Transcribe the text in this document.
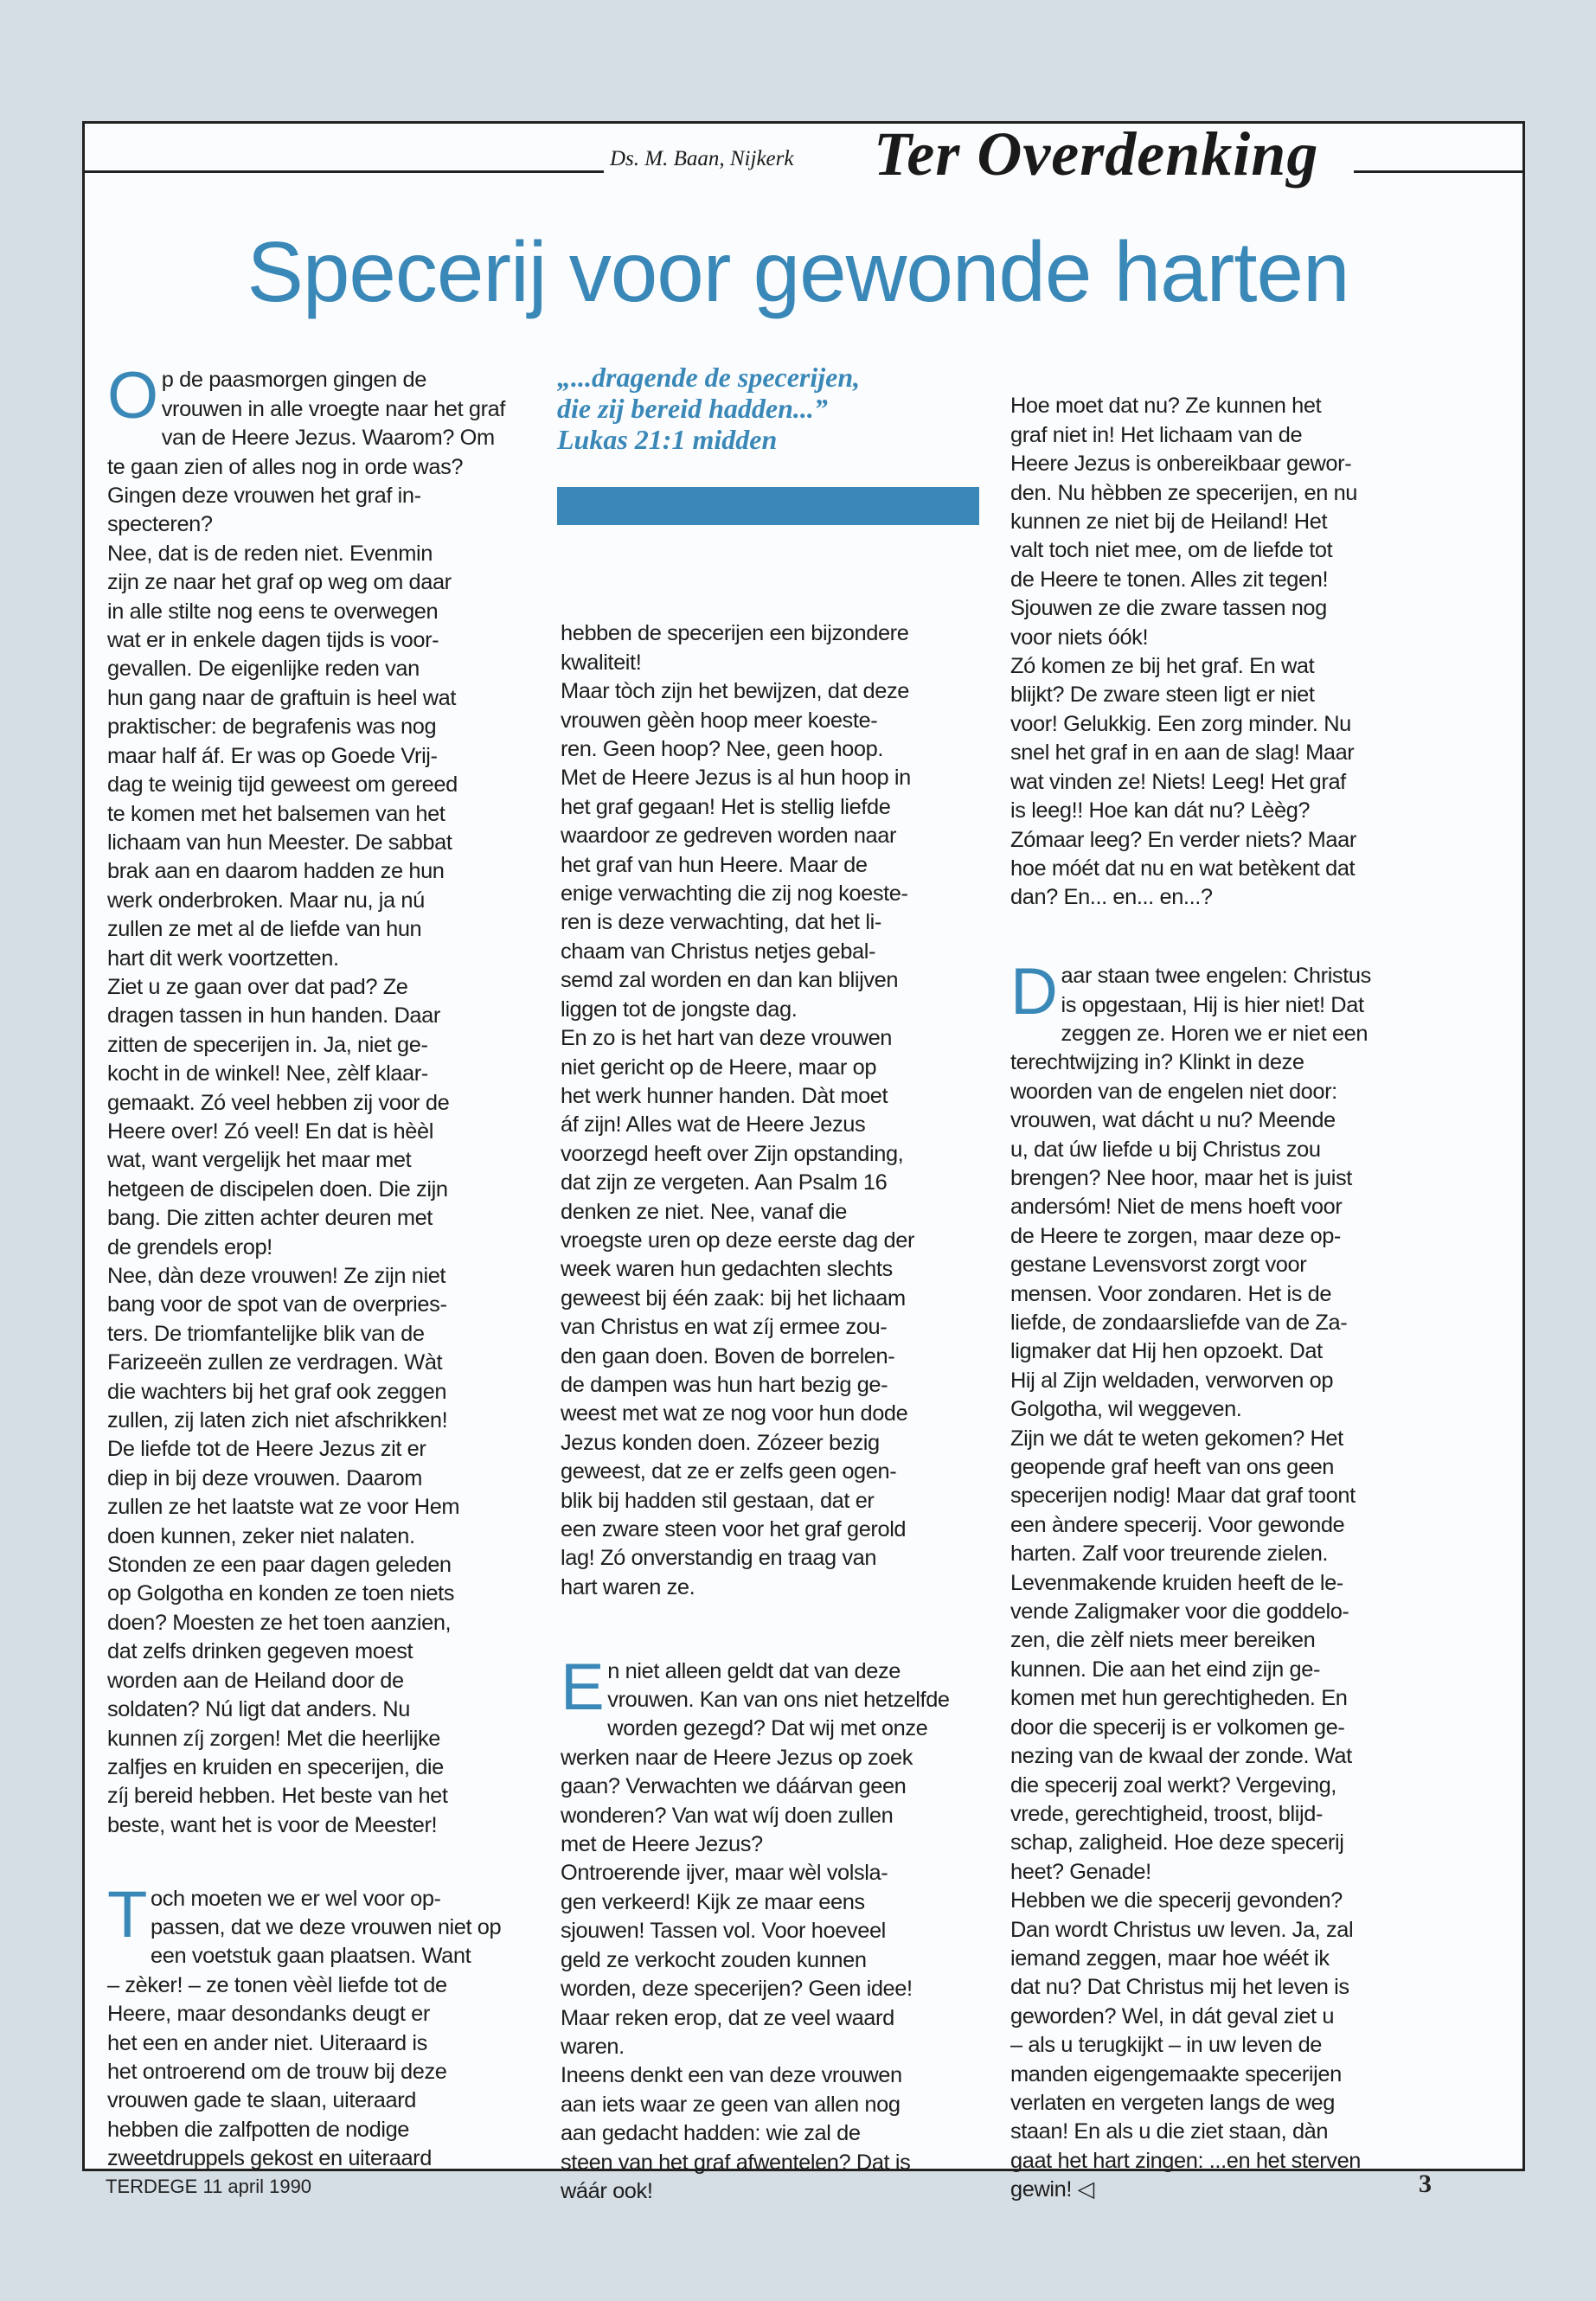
Ds. M. Baan, Nijkerk Ter Overdenking
Specerij voor gewonde harten

Op de paasmorgen gingen de
vrouwen in alle vroegte naar het graf
van de Heere Jezus. Waarom? Om
te gaan zien of alles nog in orde was?
Gingen deze vrouwen het graf in-
specteren?
Nee, dat is de reden niet. Evenmin
zijn ze naar het graf op weg om daar
in alle stilte nog eens te overwegen
wat er in enkele dagen tijds is voor-
gevallen. De eigenlijke reden van
hun gang naar de graftuin is heel wat
praktischer: de begrafenis was nog
maar half áf. Er was op Goede Vrij-
dag te weinig tijd geweest om gereed
te komen met het balsemen van het
lichaam van hun Meester. De sabbat
brak aan en daarom hadden ze hun
werk onderbroken. Maar nu, ja nú
zullen ze met al de liefde van hun
hart dit werk voortzetten.
Ziet u ze gaan over dat pad? Ze
dragen tassen in hun handen. Daar
zitten de specerijen in. Ja, niet ge-
kocht in de winkel! Nee, zèlf klaar-
gemaakt. Zó veel hebben zij voor de
Heere over! Zó veel! En dat is hèèl
wat, want vergelijk het maar met
hetgeen de discipelen doen. Die zijn
bang. Die zitten achter deuren met
de grendels erop!
Nee, dàn deze vrouwen! Ze zijn niet
bang voor de spot van de overpries-
ters. De triomfantelijke blik van de
Farizeeën zullen ze verdragen. Wàt
die wachters bij het graf ook zeggen
zullen, zij laten zich niet afschrikken!
De liefde tot de Heere Jezus zit er
diep in bij deze vrouwen. Daarom
zullen ze het laatste wat ze voor Hem
doen kunnen, zeker niet nalaten.
Stonden ze een paar dagen geleden
op Golgotha en konden ze toen niets
doen? Moesten ze het toen aanzien,
dat zelfs drinken gegeven moest
worden aan de Heiland door de
soldaten? Nú ligt dat anders. Nu
kunnen zíj zorgen! Met die heerlijke
zalfjes en kruiden en specerijen, die
zíj bereid hebben. Het beste van het
beste, want het is voor de Meester!

Toch moeten we er wel voor op-
passen, dat we deze vrouwen niet op
een voetstuk gaan plaatsen. Want
– zèker! – ze tonen vèèl liefde tot de
Heere, maar desondanks deugt er
het een en ander niet. Uiteraard is
het ontroerend om de trouw bij deze
vrouwen gade te slaan, uiteraard
hebben die zalfpotten de nodige
zweetdruppels gekost en uiteraard

„...dragende de specerijen,
die zij bereid hadden...”
Lukas 21:1 midden

hebben de specerijen een bijzondere
kwaliteit!
Maar tòch zijn het bewijzen, dat deze
vrouwen gèèn hoop meer koeste-
ren. Geen hoop? Nee, geen hoop.
Met de Heere Jezus is al hun hoop in
het graf gegaan! Het is stellig liefde
waardoor ze gedreven worden naar
het graf van hun Heere. Maar de
enige verwachting die zij nog koeste-
ren is deze verwachting, dat het li-
chaam van Christus netjes gebal-
semd zal worden en dan kan blijven
liggen tot de jongste dag.
En zo is het hart van deze vrouwen
niet gericht op de Heere, maar op
het werk hunner handen. Dàt moet
áf zijn! Alles wat de Heere Jezus
voorzegd heeft over Zijn opstanding,
dat zijn ze vergeten. Aan Psalm 16
denken ze niet. Nee, vanaf die
vroegste uren op deze eerste dag der
week waren hun gedachten slechts
geweest bij één zaak: bij het lichaam
van Christus en wat zíj ermee zou-
den gaan doen. Boven de borrelen-
de dampen was hun hart bezig ge-
weest met wat ze nog voor hun dode
Jezus konden doen. Zózeer bezig
geweest, dat ze er zelfs geen ogen-
blik bij hadden stil gestaan, dat er
een zware steen voor het graf gerold
lag! Zó onverstandig en traag van
hart waren ze.

En niet alleen geldt dat van deze
vrouwen. Kan van ons niet hetzelfde
worden gezegd? Dat wij met onze
werken naar de Heere Jezus op zoek
gaan? Verwachten we dáárvan geen
wonderen? Van wat wíj doen zullen
met de Heere Jezus?
Ontroerende ijver, maar wèl volsla-
gen verkeerd! Kijk ze maar eens
sjouwen! Tassen vol. Voor hoeveel
geld ze verkocht zouden kunnen
worden, deze specerijen? Geen idee!
Maar reken erop, dat ze veel waard
waren.
Ineens denkt een van deze vrouwen
aan iets waar ze geen van allen nog
aan gedacht hadden: wie zal de
steen van het graf afwentelen? Dat is
wáár ook!

Hoe moet dat nu? Ze kunnen het
graf niet in! Het lichaam van de
Heere Jezus is onbereikbaar gewor-
den. Nu hèbben ze specerijen, en nu
kunnen ze niet bij de Heiland! Het
valt toch niet mee, om de liefde tot
de Heere te tonen. Alles zit tegen!
Sjouwen ze die zware tassen nog
voor niets óók!
Zó komen ze bij het graf. En wat
blijkt? De zware steen ligt er niet
voor! Gelukkig. Een zorg minder. Nu
snel het graf in en aan de slag! Maar
wat vinden ze! Niets! Leeg! Het graf
is leeg!! Hoe kan dát nu? Lèèg?
Zómaar leeg? En verder niets? Maar
hoe móét dat nu en wat betèkent dat
dan? En... en... en...?

Daar staan twee engelen: Christus
is opgestaan, Hij is hier niet! Dat
zeggen ze. Horen we er niet een
terechtwijzing in? Klinkt in deze
woorden van de engelen niet door:
vrouwen, wat dácht u nu? Meende
u, dat úw liefde u bij Christus zou
brengen? Nee hoor, maar het is juist
andersóm! Niet de mens hoeft voor
de Heere te zorgen, maar deze op-
gestane Levensvorst zorgt voor
mensen. Voor zondaren. Het is de
liefde, de zondaarsliefde van de Za-
ligmaker dat Hij hen opzoekt. Dat
Hij al Zijn weldaden, verworven op
Golgotha, wil weggeven.
Zijn we dát te weten gekomen? Het
geopende graf heeft van ons geen
specerijen nodig! Maar dat graf toont
een àndere specerij. Voor gewonde
harten. Zalf voor treurende zielen.
Levenmakende kruiden heeft de le-
vende Zaligmaker voor die goddelo-
zen, die zèlf niets meer bereiken
kunnen. Die aan het eind zijn ge-
komen met hun gerechtigheden. En
door die specerij is er volkomen ge-
nezing van de kwaal der zonde. Wat
die specerij zoal werkt? Vergeving,
vrede, gerechtigheid, troost, blijd-
schap, zaligheid. Hoe deze specerij
heet? Genade!
Hebben we die specerij gevonden?
Dan wordt Christus uw leven. Ja, zal
iemand zeggen, maar hoe wéét ik
dat nu? Dat Christus mij het leven is
geworden? Wel, in dát geval ziet u
– als u terugkijkt – in uw leven de
manden eigengemaakte specerijen
verlaten en vergeten langs de weg
staan! En als u die ziet staan, dàn
gaat het hart zingen: ...en het sterven
gewin! ◁

TERDEGE 11 april 1990	3
